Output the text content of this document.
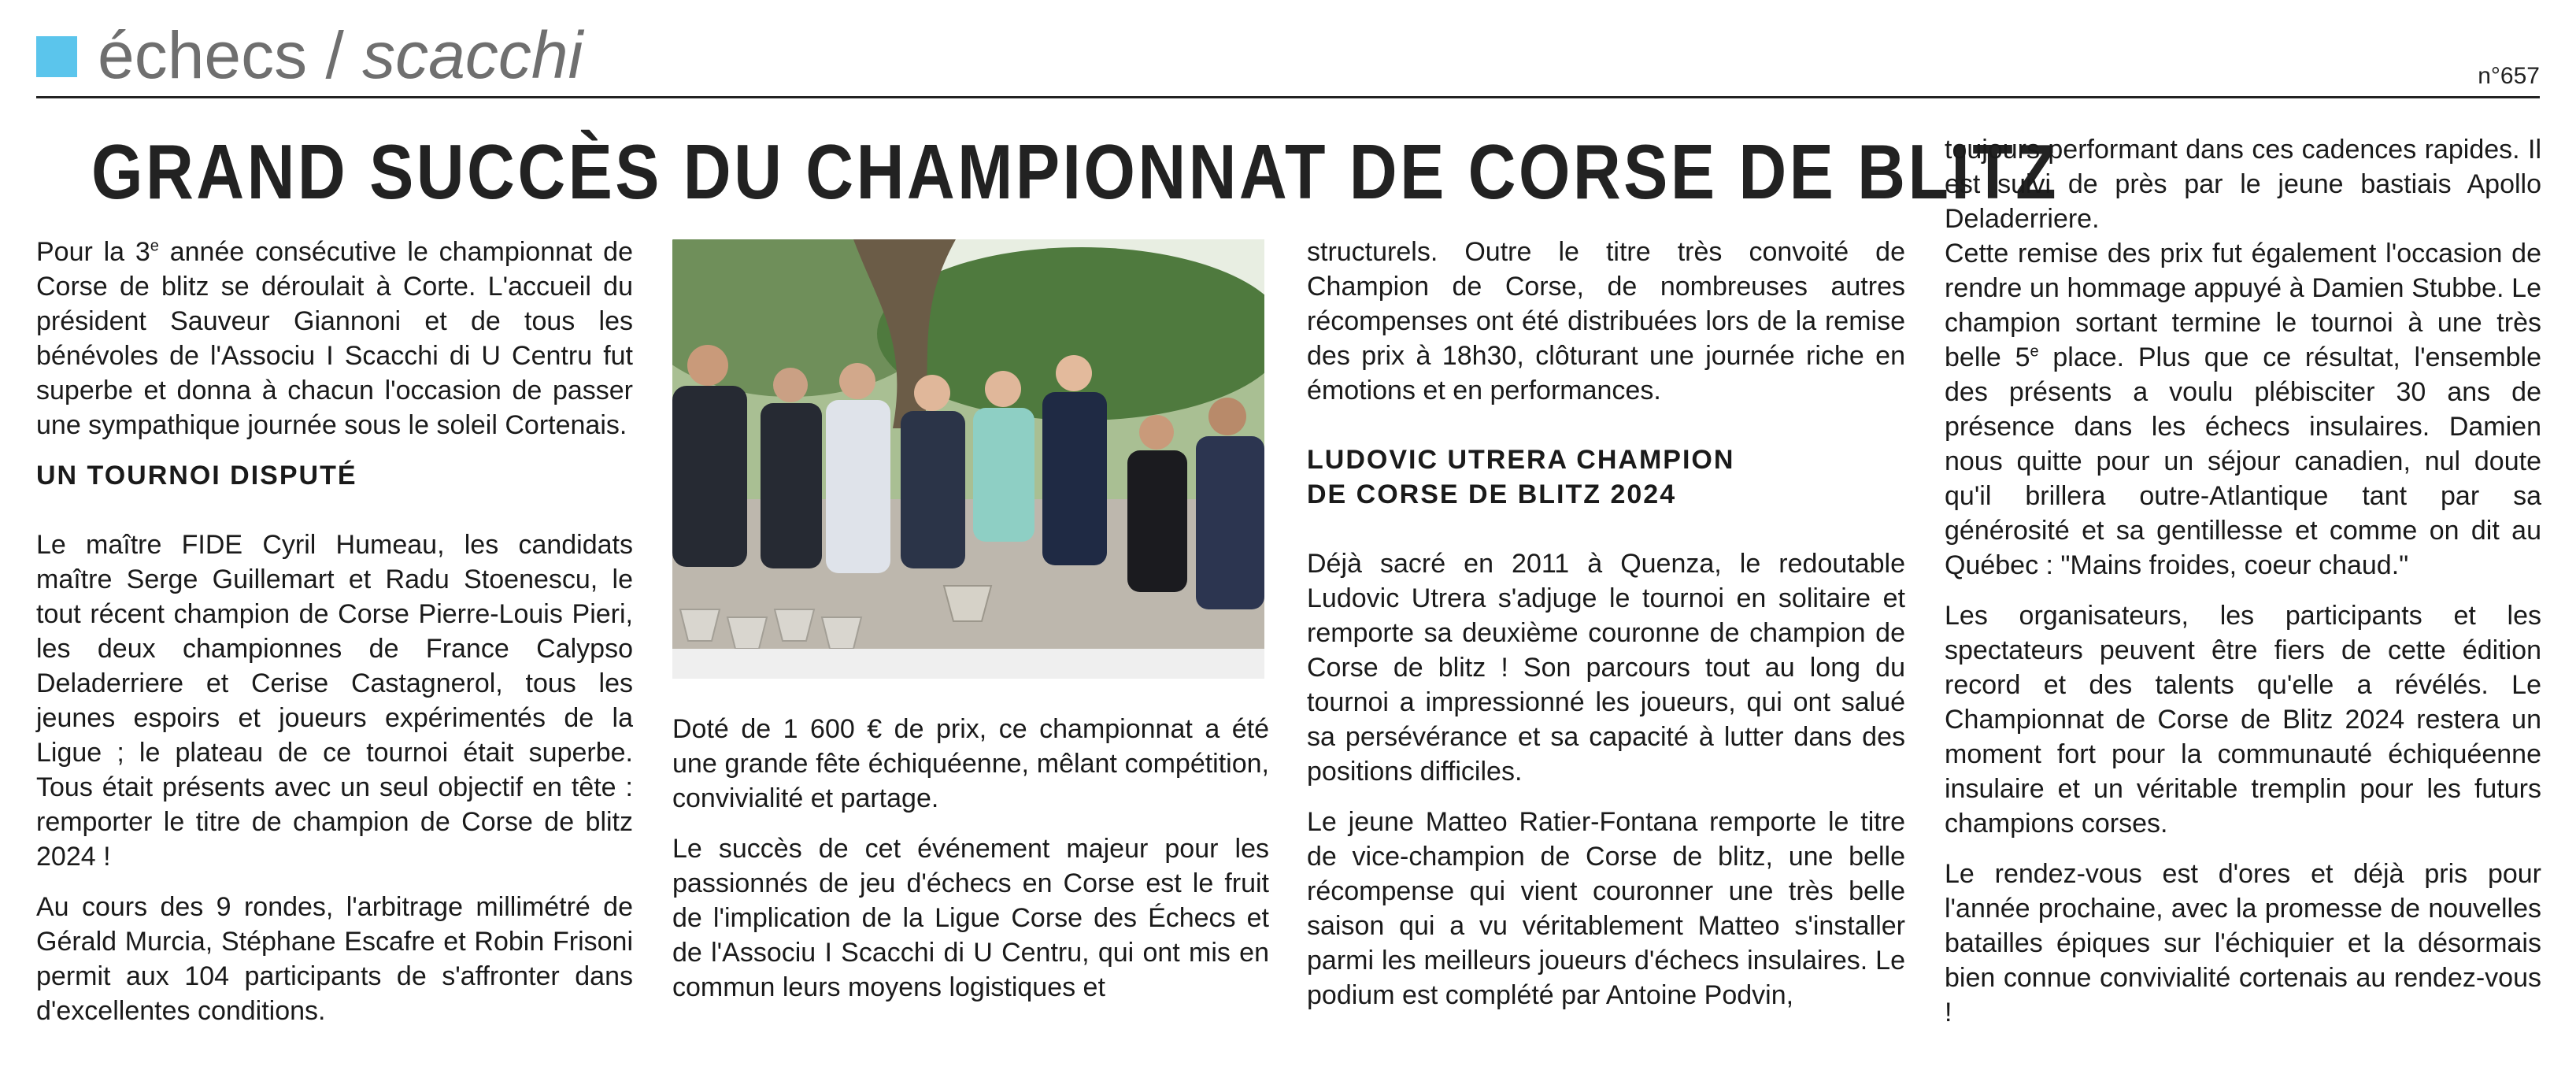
échecs / scacchi	n°657
GRAND SUCCÈS DU CHAMPIONNAT DE CORSE DE BLITZ

Pour la 3e année consécutive le championnat de Corse de blitz se déroulait à Corte. L'accueil du président Sauveur Giannoni et de tous les bénévoles de l'Associu I Scacchi di U Centru fut superbe et donna à chacun l'occasion de passer une sympathique journée sous le soleil Cortenais.

UN TOURNOI DISPUTÉ

Le maître FIDE Cyril Humeau, les candidats maître Serge Guillemart et Radu Stoenescu, le tout récent champion de Corse Pierre-Louis Pieri, les deux championnes de France Calypso Deladerriere et Cerise Castagnerol, tous les jeunes espoirs et joueurs expérimentés de la Ligue ; le plateau de ce tournoi était superbe. Tous était présents avec un seul objectif en tête : remporter le titre de champion de Corse de blitz 2024 !

Au cours des 9 rondes, l'arbitrage millimétré de Gérald Murcia, Stéphane Escafre et Robin Frisoni permit aux 104 participants de s'affronter dans d'excellentes conditions.

Doté de 1 600 € de prix, ce championnat a été une grande fête échiquéenne, mêlant compétition, convivialité et partage.

Le succès de cet événement majeur pour les passionnés de jeu d'échecs en Corse est le fruit de l'implication de la Ligue Corse des Échecs et de l'Associu I Scacchi di U Centru, qui ont mis en commun leurs moyens logistiques et

structurels. Outre le titre très convoité de Champion de Corse, de nombreuses autres récompenses ont été distribuées lors de la remise des prix à 18h30, clôturant une journée riche en émotions et en performances.

LUDOVIC UTRERA CHAMPION
DE CORSE DE BLITZ 2024

Déjà sacré en 2011 à Quenza, le redoutable Ludovic Utrera s'adjuge le tournoi en solitaire et remporte sa deuxième couronne de champion de Corse de blitz ! Son parcours tout au long du tournoi a impressionné les joueurs, qui ont salué sa persévérance et sa capacité à lutter dans des positions difficiles.

Le jeune Matteo Ratier-Fontana remporte le titre de vice-champion de Corse de blitz, une belle récompense qui vient couronner une très belle saison qui a vu véritablement Matteo s'installer parmi les meilleurs joueurs d'échecs insulaires. Le podium est complété par Antoine Podvin,

toujours performant dans ces cadences rapides. Il est suivi de près par le jeune bastiais Apollo Deladerriere.

Cette remise des prix fut également l'occasion de rendre un hommage appuyé à Damien Stubbe. Le champion sortant termine le tournoi à une très belle 5e place. Plus que ce résultat, l'ensemble des présents a voulu plébisciter 30 ans de présence dans les échecs insulaires. Damien nous quitte pour un séjour canadien, nul doute qu'il brillera outre-Atlantique tant par sa générosité et sa gentillesse et comme on dit au Québec : "Mains froides, coeur chaud."

Les organisateurs, les participants et les spectateurs peuvent être fiers de cette édition record et des talents qu'elle a révélés. Le Championnat de Corse de Blitz 2024 restera un moment fort pour la communauté échiquéenne insulaire et un véritable tremplin pour les futurs champions corses.

Le rendez-vous est d'ores et déjà pris pour l'année prochaine, avec la promesse de nouvelles batailles épiques sur l'échiquier et la désormais bien connue convivialité cortenais au rendez-vous !
